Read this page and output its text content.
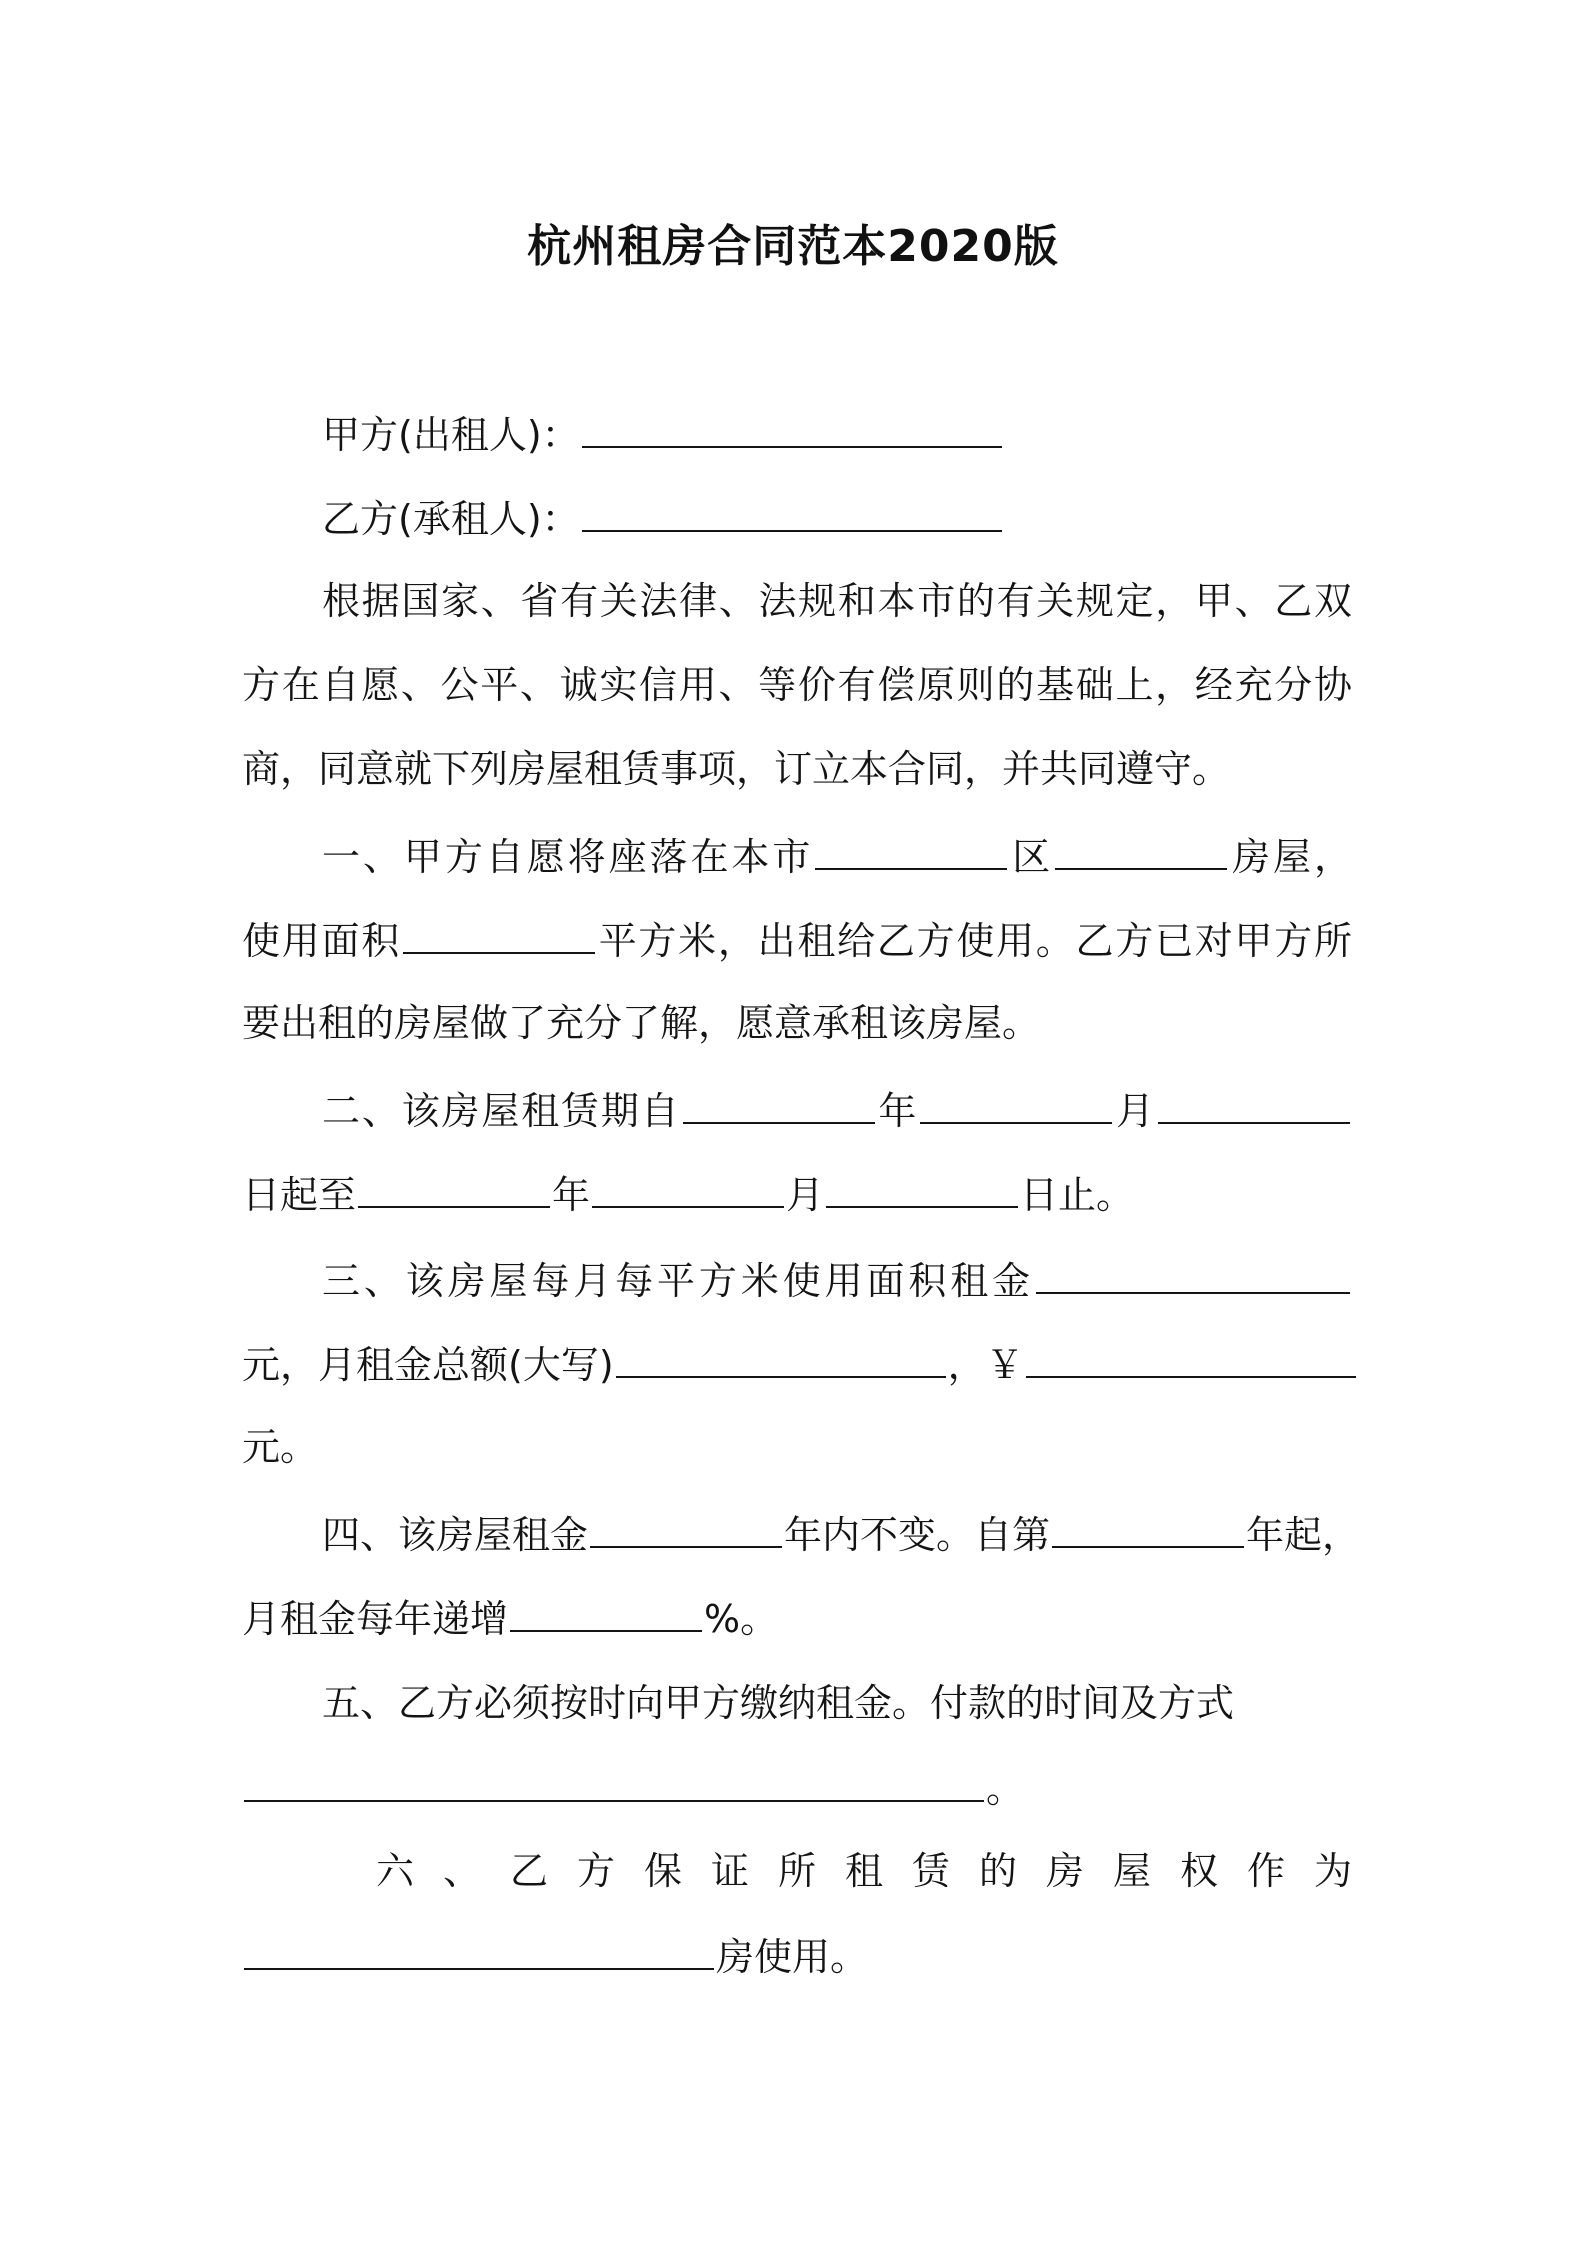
杭州租房合同范本2020版
甲方(出租人)：
乙方(承租人)：
根据国家、省有关法律、法规和本市的有关规定，甲、乙双
方在自愿、公平、诚实信用、等价有偿原则的基础上，经充分协
商，同意就下列房屋租赁事项，订立本合同，并共同遵守。
一、甲方自愿将座落在本市	区	房屋，
使用面积	平方米，出租给乙方使用。乙方已对甲方所
要出租的房屋做了充分了解，愿意承租该房屋。
二、该房屋租赁期自	年	月
日起至	年	月	日止。
三、该房屋每月每平方米使用面积租金
元，月租金总额(大写)	，￥
元。
四、该房屋租金	年内不变。自第	年起，
月租金每年递增	%。
五、乙方必须按时向甲方缴纳租金。付款的时间及方式
。
六、乙方保证所租赁的房屋权作为
房使用。
